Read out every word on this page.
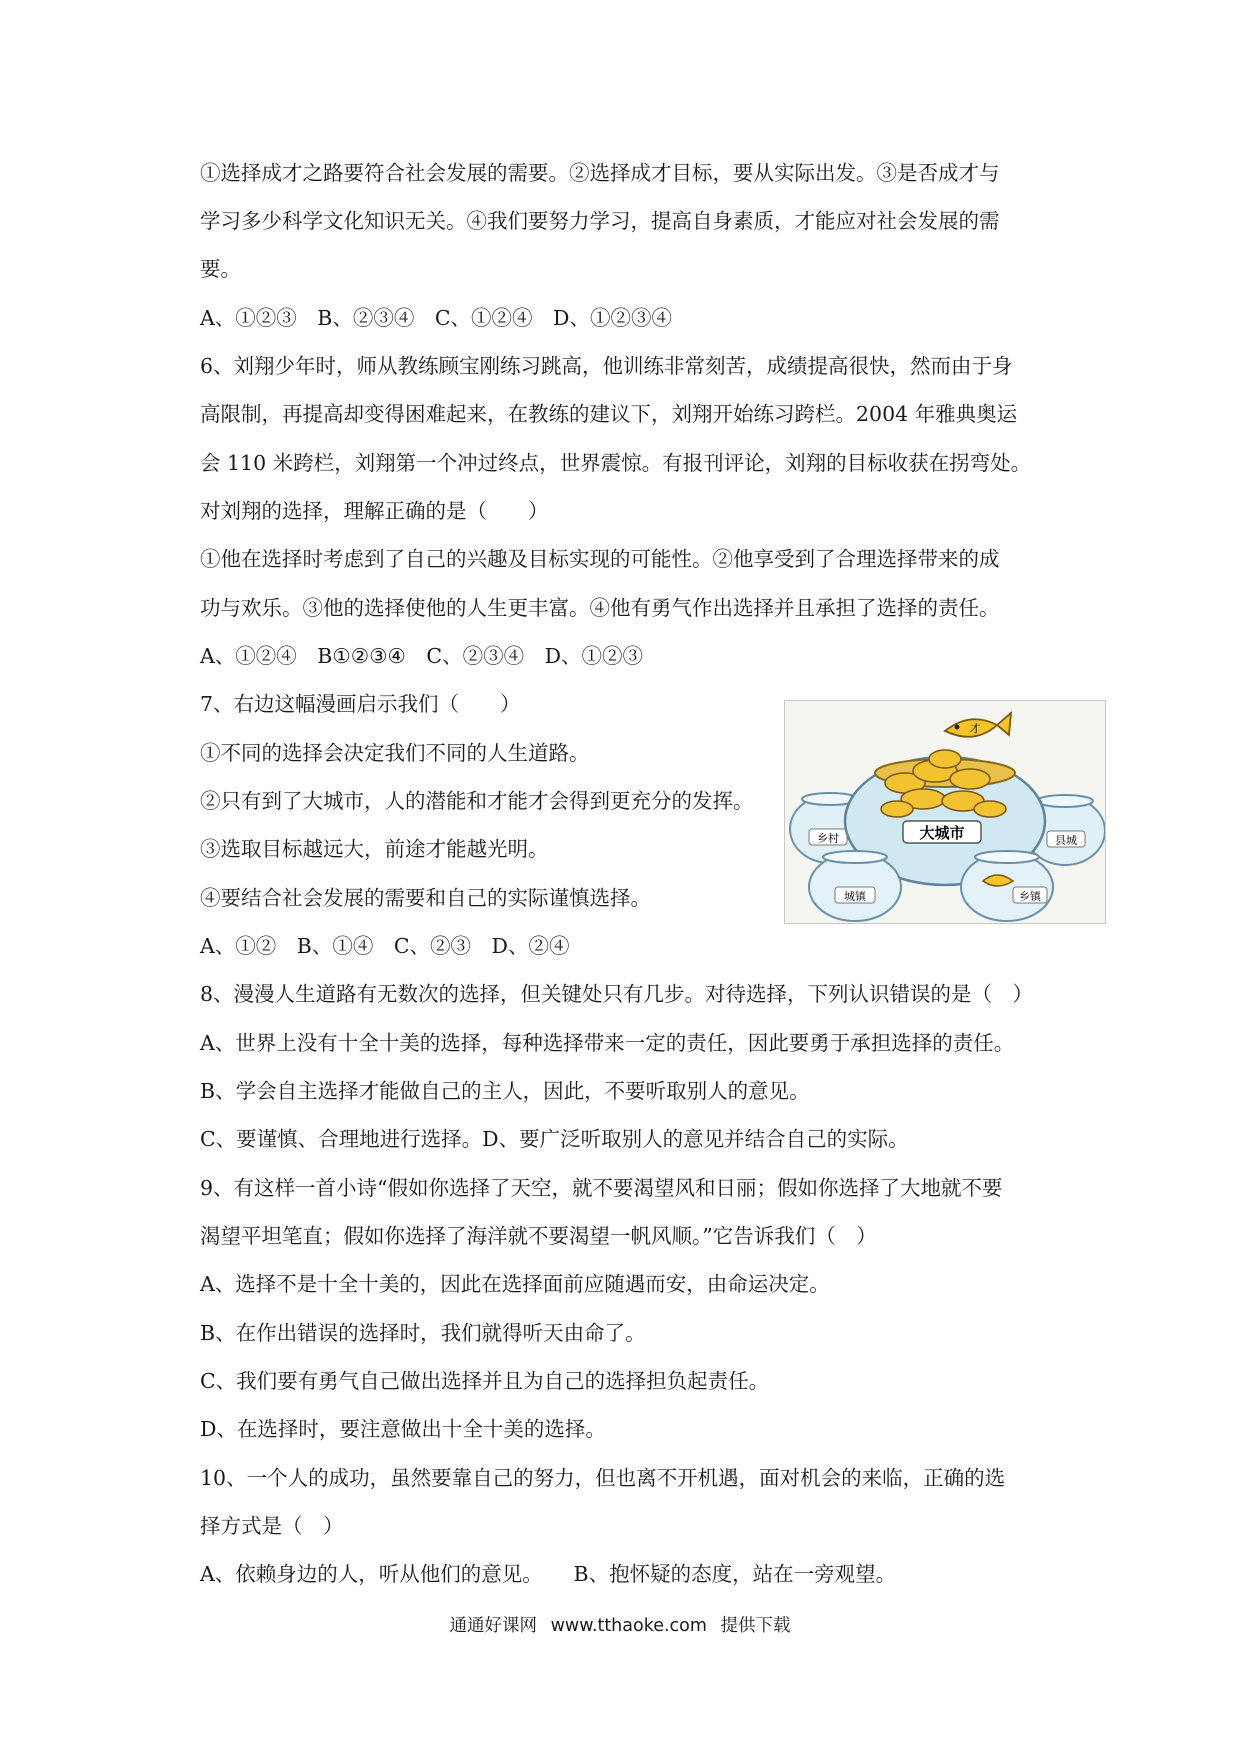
①选择成才之路要符合社会发展的需要。②选择成才目标，要从实际出发。③是否成才与
学习多少科学文化知识无关。④我们要努力学习，提高自身素质，才能应对社会发展的需
要。
A、①②③　B、②③④　C、①②④　D、①②③④
6、刘翔少年时，师从教练顾宝刚练习跳高，他训练非常刻苦，成绩提高很快，然而由于身
高限制，再提高却变得困难起来，在教练的建议下，刘翔开始练习跨栏。2004 年雅典奥运
会 110 米跨栏，刘翔第一个冲过终点，世界震惊。有报刊评论，刘翔的目标收获在拐弯处。
对刘翔的选择，理解正确的是（　　）
①他在选择时考虑到了自己的兴趣及目标实现的可能性。②他享受到了合理选择带来的成
功与欢乐。③他的选择使他的人生更丰富。④他有勇气作出选择并且承担了选择的责任。
A、①②④　B①②③④　C、②③④　D、①②③
7、右边这幅漫画启示我们（　　）
①不同的选择会决定我们不同的人生道路。
②只有到了大城市，人的潜能和才能才会得到更充分的发挥。
③选取目标越远大，前途才能越光明。
④要结合社会发展的需要和自己的实际谨慎选择。
A、①②　B、①④　C、②③　D、②④
8、漫漫人生道路有无数次的选择，但关键处只有几步。对待选择，下列认识错误的是（　）
A、世界上没有十全十美的选择，每种选择带来一定的责任，因此要勇于承担选择的责任。
B、学会自主选择才能做自己的主人，因此，不要听取别人的意见。
C、要谨慎、合理地进行选择。D、要广泛听取别人的意见并结合自己的实际。
9、有这样一首小诗“假如你选择了天空，就不要渴望风和日丽；假如你选择了大地就不要
渴望平坦笔直；假如你选择了海洋就不要渴望一帆风顺。”它告诉我们（　）
A、选择不是十全十美的，因此在选择面前应随遇而安，由命运决定。
B、在作出错误的选择时，我们就得听天由命了。
C、我们要有勇气自己做出选择并且为自己的选择担负起责任。
D、在选择时，要注意做出十全十美的选择。
10、一个人的成功，虽然要靠自己的努力，但也离不开机遇，面对机会的来临，正确的选
择方式是（　）
A、依赖身边的人，听从他们的意见。　　B、抱怀疑的态度，站在一旁观望。
乡村	县城
大城市
才
城镇	乡镇
通通好课网 www.tthaoke.com 提供下载
